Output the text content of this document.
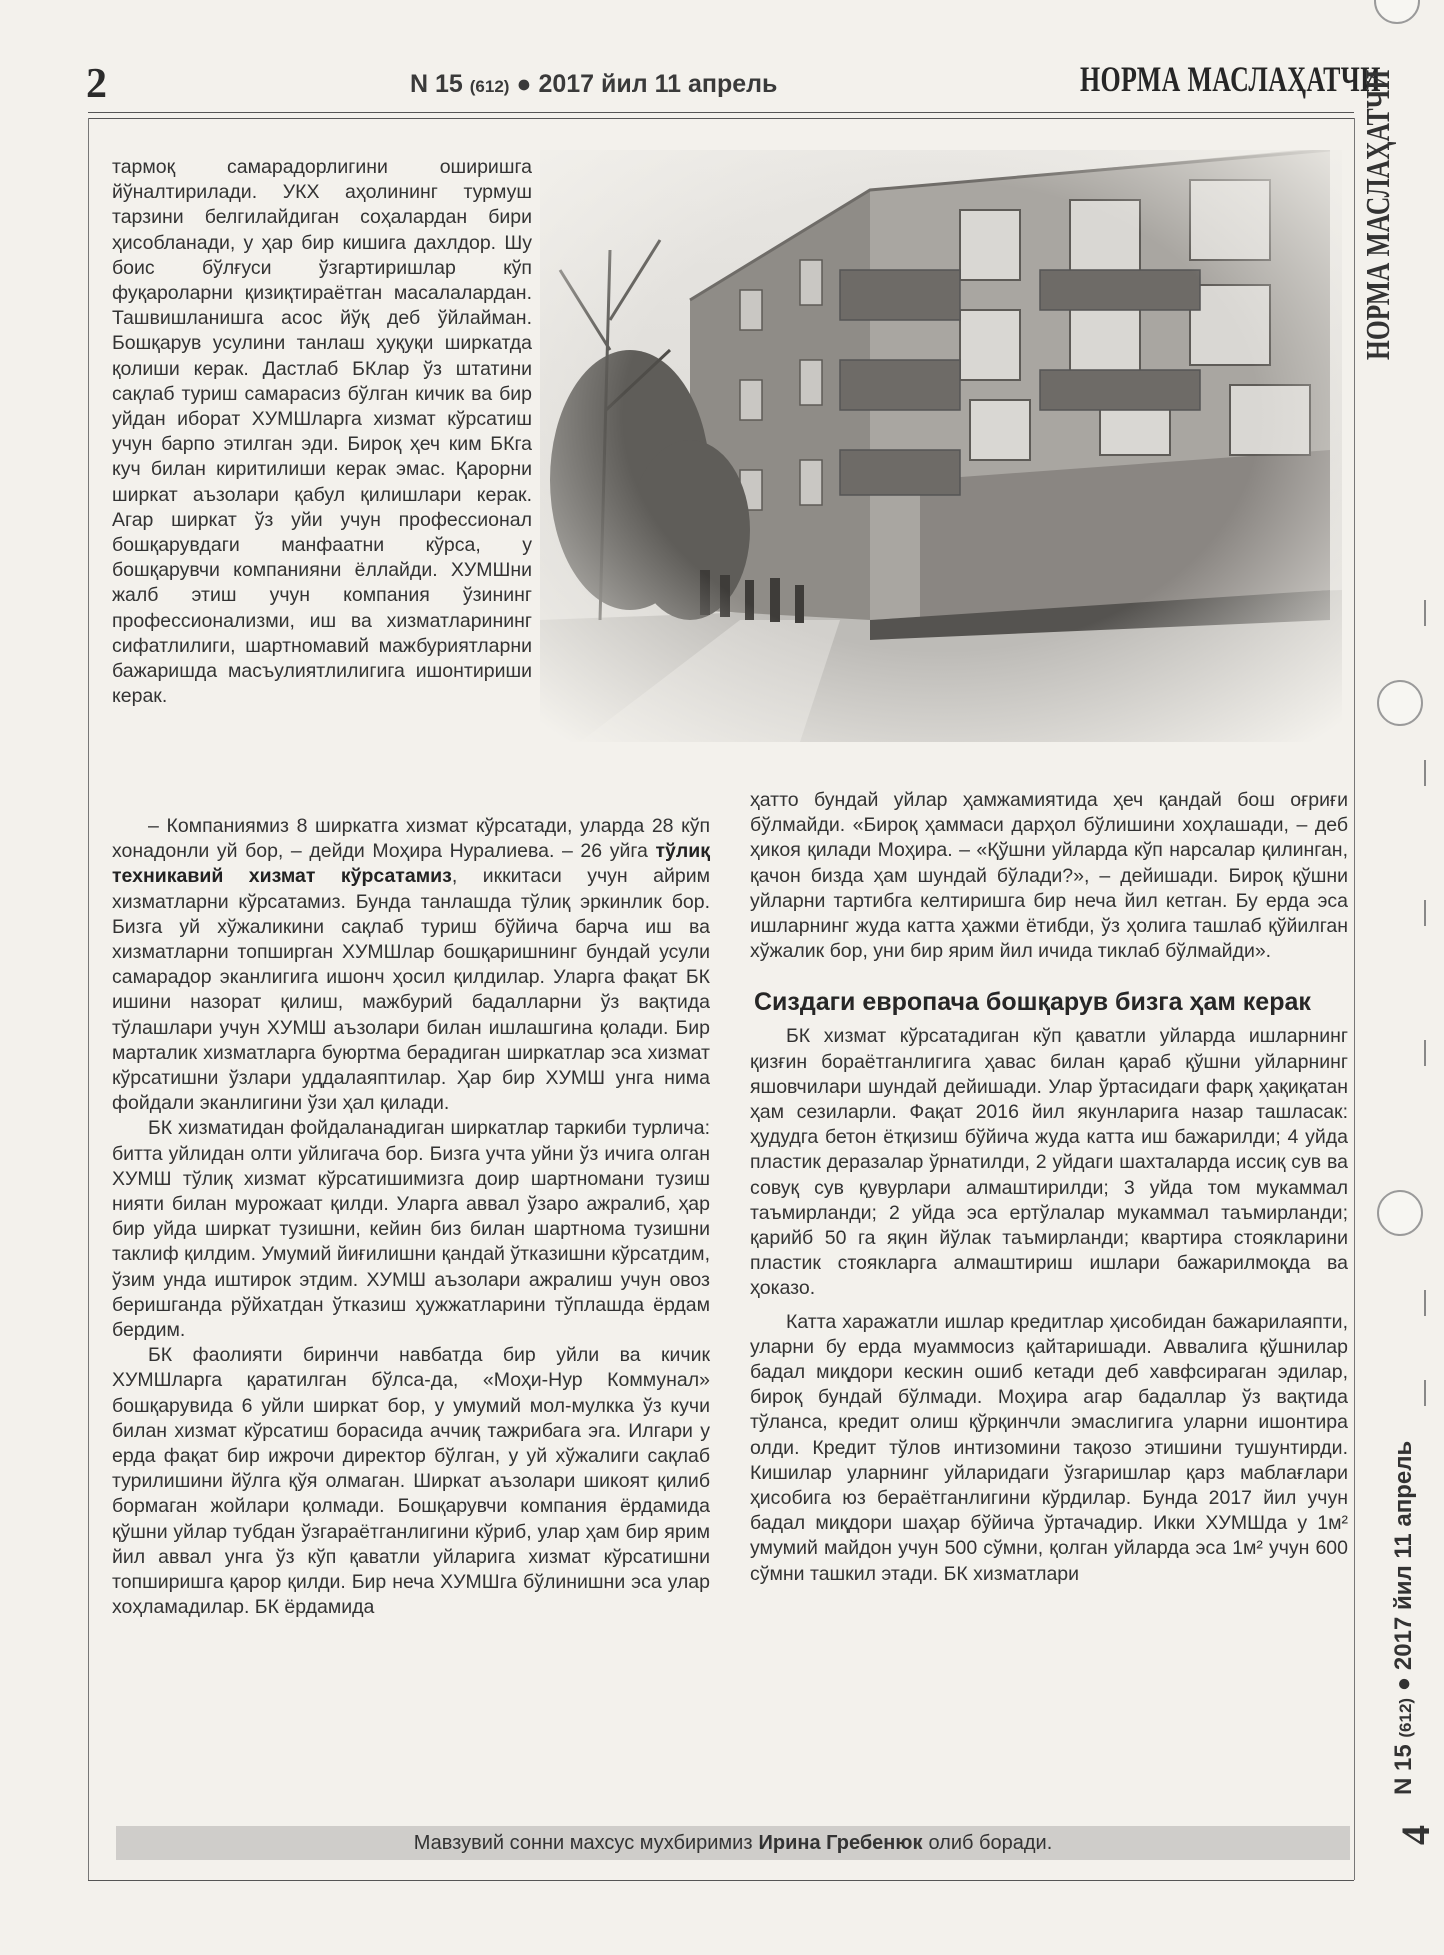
2	N 15 (612) ● 2017 йил 11 апрель	НОРМА МАСЛАҲАТЧИ
НОРМА МАСЛАҲАТЧИ
N 15 (612) ● 2017 йил 11 апрель
4

тармоқ самарадорлигини оширишга йўналтирилади. УКХ аҳолининг турмуш тарзини белгилайдиган соҳалардан бири ҳисобланади, у ҳар бир кишига дахлдор. Шу боис бўлғуси ўзгартиришлар кўп фуқароларни қизиқтираётган масалалардан. Ташвишланишга асос йўқ деб ўйлайман. Бошқарув усулини танлаш ҳуқуқи ширкатда қолиши керак. Дастлаб БКлар ўз штатини сақлаб туриш самарасиз бўлган кичик ва бир уйдан иборат ХУМШларга хизмат кўрсатиш учун барпо этилган эди. Бироқ ҳеч ким БКга куч билан киритилиши керак эмас. Қарорни ширкат аъзолари қабул қилишлари керак. Агар ширкат ўз уйи учун профессионал бошқарувдаги манфаатни кўрса, у бошқарувчи компанияни ёллайди. ХУМШни жалб этиш учун компания ўзининг профессионализми, иш ва хизматларининг сифатлилиги, шартномавий мажбуриятларни бажаришда масъулиятлилигига ишонтириши керак.

– Компаниямиз 8 ширкатга хизмат кўрсатади, уларда 28 кўп хонадонли уй бор, – дейди Моҳира Нуралиева. – 26 уйга тўлиқ техникавий хизмат кўрсатамиз, иккитаси учун айрим хизматларни кўрсатамиз. Бунда танлашда тўлиқ эркинлик бор. Бизга уй хўжаликини сақлаб туриш бўйича барча иш ва хизматларни топширган ХУМШлар бошқаришнинг бундай усули самарадор эканлигига ишонч ҳосил қилдилар. Уларга фақат БК ишини назорат қилиш, мажбурий бадалларни ўз вақтида тўлашлари учун ХУМШ аъзолари билан ишлашгина қолади. Бир марталик хизматларга буюртма берадиган ширкатлар эса хизмат кўрсатишни ўзлари уддалаяптилар. Ҳар бир ХУМШ унга нима фойдали эканлигини ўзи ҳал қилади.

БК хизматидан фойдаланадиган ширкатлар таркиби турлича: битта уйлидан олти уйлигача бор. Бизга учта уйни ўз ичига олган ХУМШ тўлиқ хизмат кўрсатишимизга доир шартномани тузиш нияти билан мурожаат қилди. Уларга аввал ўзаро ажралиб, ҳар бир уйда ширкат тузишни, кейин биз билан шартнома тузишни таклиф қилдим. Умумий йиғилишни қандай ўтказишни кўрсатдим, ўзим унда иштирок этдим. ХУМШ аъзолари ажралиш учун овоз беришганда рўйхатдан ўтказиш ҳужжатларини тўплашда ёрдам бердим.

БК фаолияти биринчи навбатда бир уйли ва кичик ХУМШларга қаратилган бўлса-да, «Моҳи-Нур Коммунал» бошқарувида 6 уйли ширкат бор, у умумий мол-мулкка ўз кучи билан хизмат кўрсатиш борасида аччиқ тажрибага эга. Илгари у ерда фақат бир ижрочи директор бўлган, у уй хўжалиги сақлаб турилишини йўлга қўя олмаган. Ширкат аъзолари шикоят қилиб бормаган жойлари қолмади. Бошқарувчи компания ёрдамида қўшни уйлар тубдан ўзгараётганлигини кўриб, улар ҳам бир ярим йил аввал унга ўз кўп қаватли уйларига хизмат кўрсатишни топширишга қарор қилди. Бир неча ХУМШга бўлинишни эса улар хоҳламадилар. БК ёрдамида

ҳатто бундай уйлар ҳамжамиятида ҳеч қандай бош оғриғи бўлмайди. «Бироқ ҳаммаси дарҳол бўлишини хоҳлашади, – деб ҳикоя қилади Моҳира. – «Қўшни уйларда кўп нарсалар қилинган, қачон бизда ҳам шундай бўлади?», – дейишади. Бироқ қўшни уйларни тартибга келтиришга бир неча йил кетган. Бу ерда эса ишларнинг жуда катта ҳажми ётибди, ўз ҳолига ташлаб қўйилган хўжалик бор, уни бир ярим йил ичида тиклаб бўлмайди».

Сиздаги европача бошқарув бизга ҳам керак

БК хизмат кўрсатадиган кўп қаватли уйларда ишларнинг қизғин бораётганлигига ҳавас билан қараб қўшни уйларнинг яшовчилари шундай дейишади. Улар ўртасидаги фарқ ҳақиқатан ҳам сезиларли. Фақат 2016 йил якунларига назар ташласак: ҳудудга бетон ётқизиш бўйича жуда катта иш бажарилди; 4 уйда пластик деразалар ўрнатилди, 2 уйдаги шахталарда иссиқ сув ва совуқ сув қувурлари алмаштирилди; 3 уйда том мукаммал таъмирланди; 2 уйда эса ертўлалар мукаммал таъмирланди; қарийб 50 га яқин йўлак таъмирланди; квартира стоякларини пластик стоякларга алмаштириш ишлари бажарилмоқда ва ҳоказо.

Катта харажатли ишлар кредитлар ҳисобидан бажарилаяпти, уларни бу ерда муаммосиз қайтаришади. Аввалига қўшнилар бадал миқдори кескин ошиб кетади деб хавфсираган эдилар, бироқ бундай бўлмади. Моҳира агар бадаллар ўз вақтида тўланса, кредит олиш қўрқинчли эмаслигига уларни ишонтира олди. Кредит тўлов интизомини тақозо этишини тушунтирди. Кишилар уларнинг уйларидаги ўзгаришлар қарз маблағлари ҳисобига юз бераётганлигини кўрдилар. Бунда 2017 йил учун бадал миқдори шаҳар бўйича ўртачадир. Икки ХУМШда у 1м² умумий майдон учун 500 сўмни, қолган уйларда эса 1м² учун 600 сўмни ташкил этади. БК хизматлари

Мавзувий сонни махсус мухбиримиз Ирина Гребенюк олиб боради.
